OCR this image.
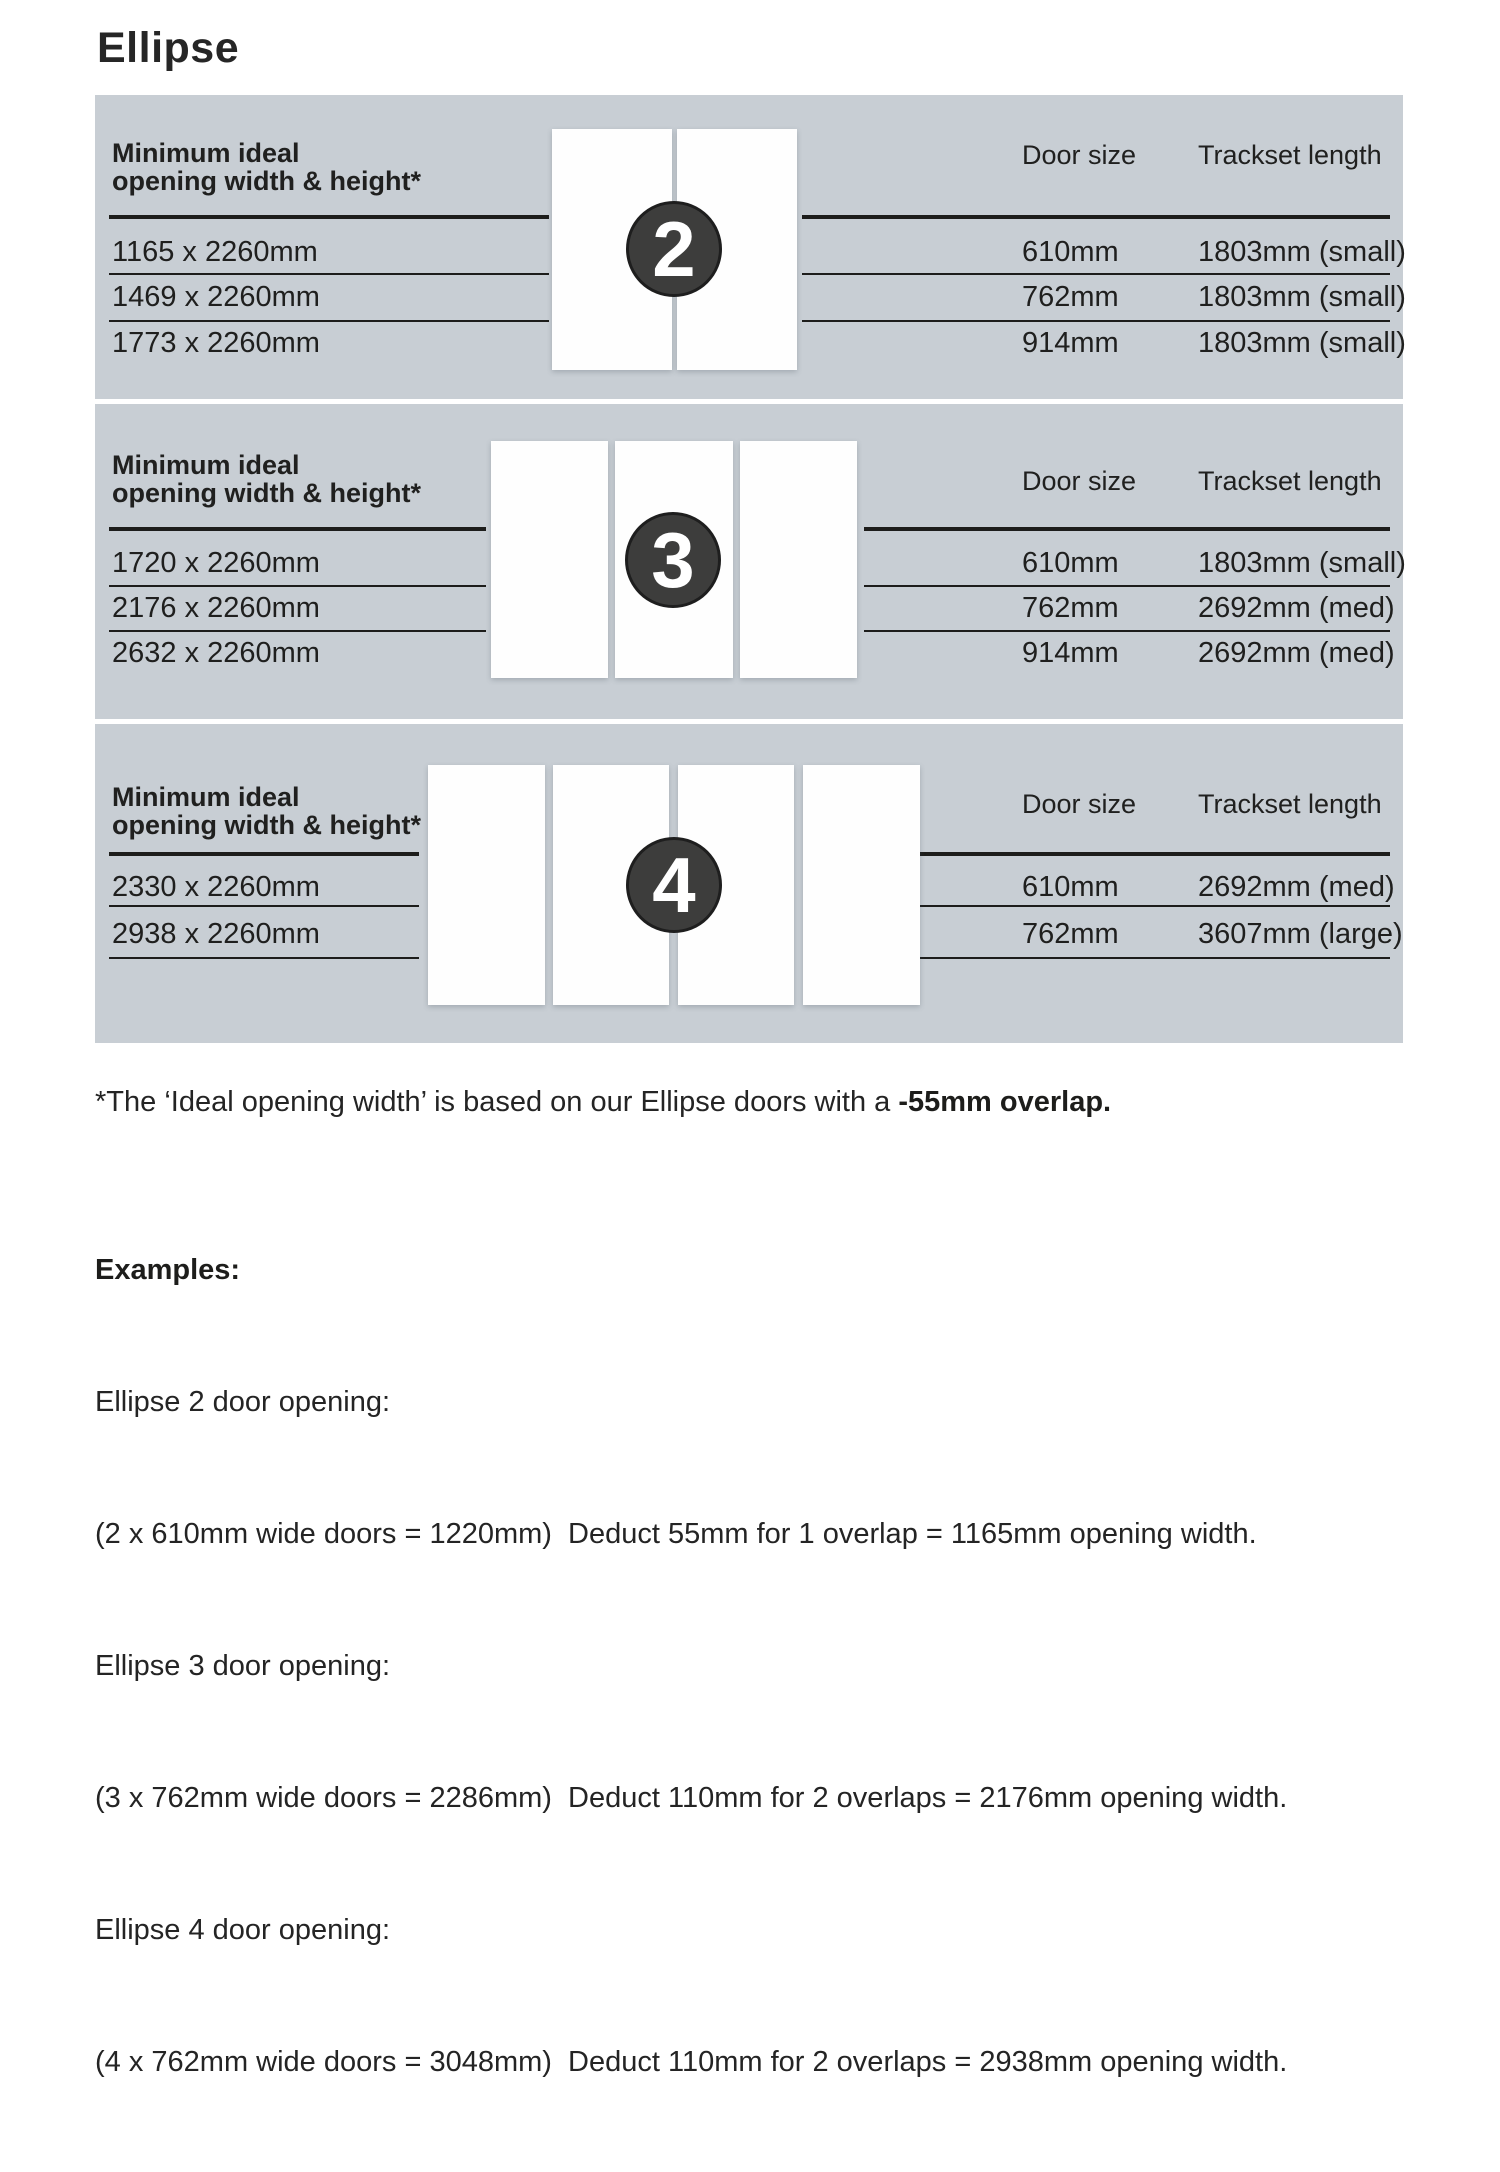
Ellipse
Minimum ideal
opening width & height*
Door size Trackset length
1165 x 2260mm	610mm	1803mm (small)
1469 x 2260mm	762mm	1803mm (small)
1773 x 2260mm	914mm	1803mm (small)
2
Minimum ideal
opening width & height*	Door size Trackset length
1720 x 2260mm	610mm	1803mm (small)
2176 x 2260mm	762mm	2692mm (med)
2632 x 2260mm	914mm	2692mm (med)
3
Minimum ideal
opening width & height*
Door size Trackset length
2330 x 2260mm	610mm	2692mm (med)
2938 x 2260mm	762mm	3607mm (large)
4
*The ‘Ideal opening width’ is based on our Ellipse doors with a -55mm overlap.

Examples:

Ellipse 2 door opening:

(2 x 610mm wide doors = 1220mm)  Deduct 55mm for 1 overlap = 1165mm opening width.

Ellipse 3 door opening:

(3 x 762mm wide doors = 2286mm)  Deduct 110mm for 2 overlaps = 2176mm opening width.

Ellipse 4 door opening:

(4 x 762mm wide doors = 3048mm)  Deduct 110mm for 2 overlaps = 2938mm opening width.
